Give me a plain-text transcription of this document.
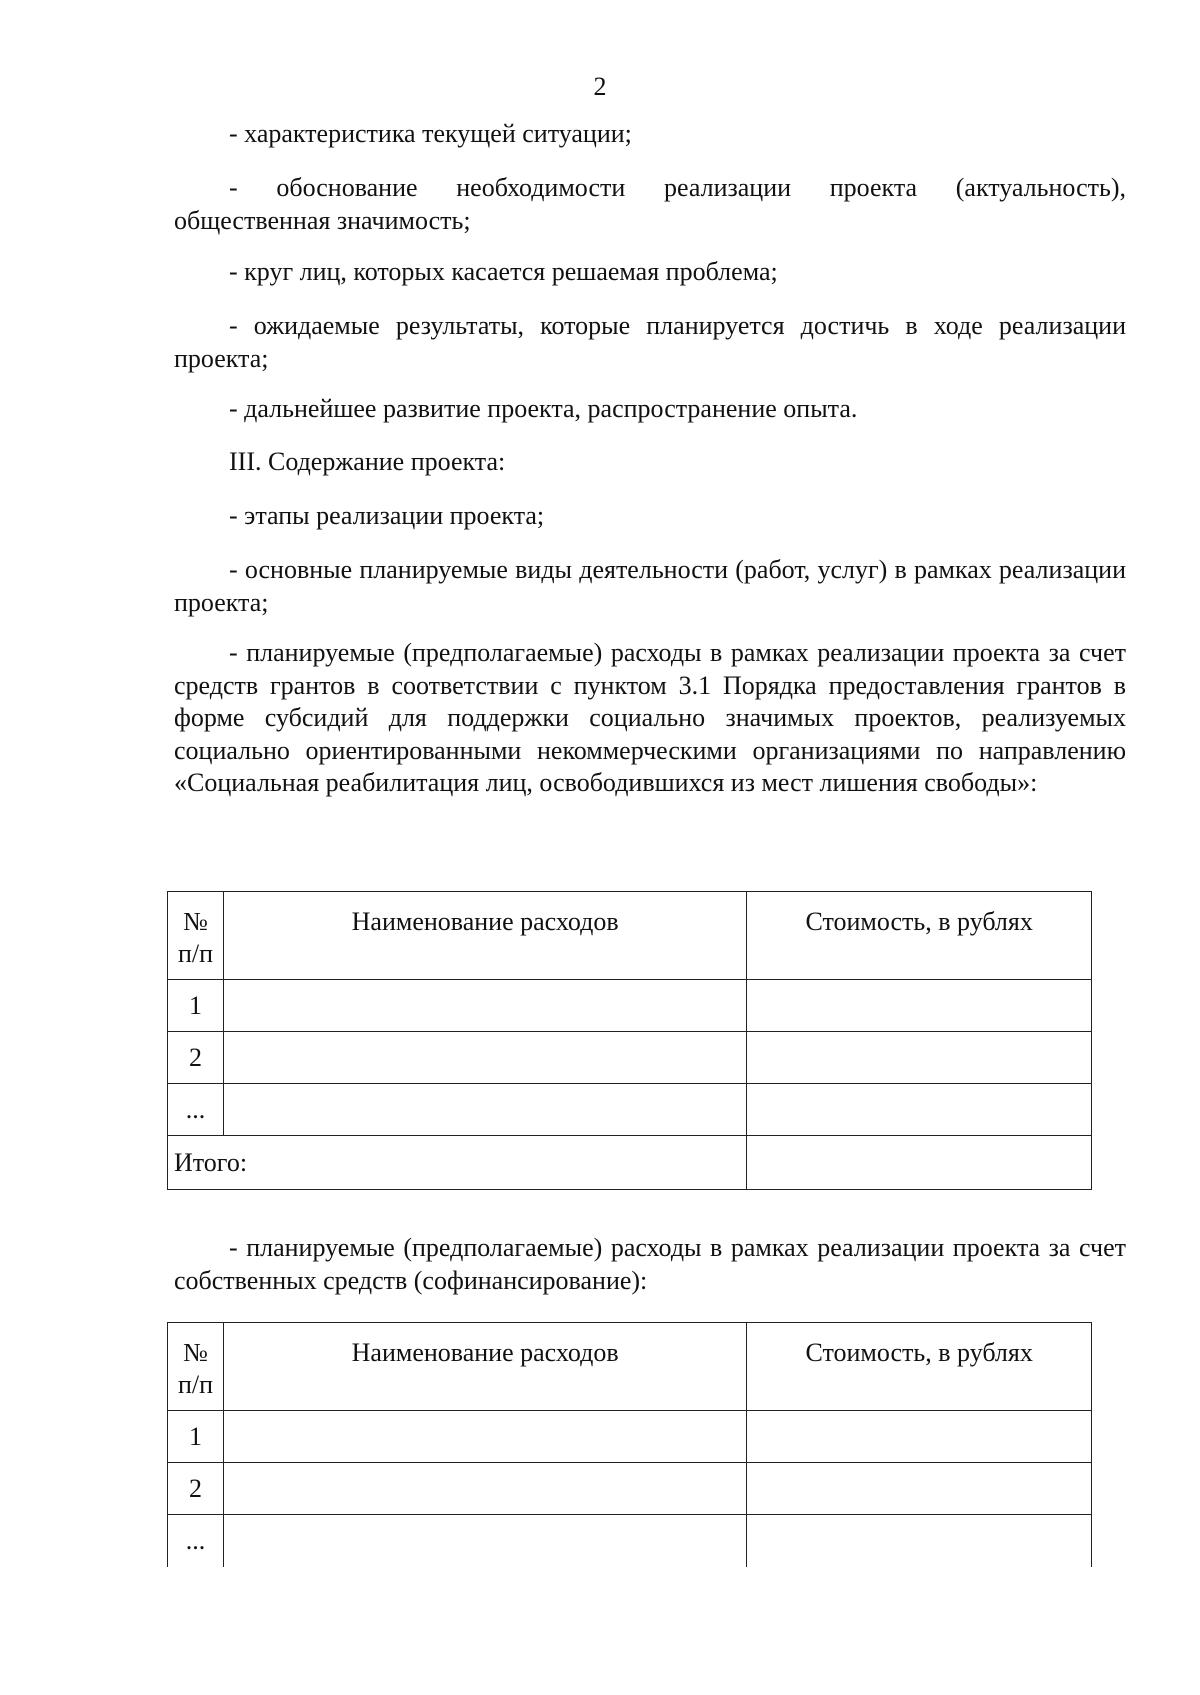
2

- характеристика текущей ситуации;

- обоснование необходимости реализации проекта (актуальность), общественная значимость;

- круг лиц, которых касается решаемая проблема;

- ожидаемые результаты, которые планируется достичь в ходе реализации проекта;

- дальнейшее развитие проекта, распространение опыта.

III. Содержание проекта:

- этапы реализации проекта;

- основные планируемые виды деятельности (работ, услуг) в рамках реализации проекта;

- планируемые (предполагаемые) расходы в рамках реализации проекта за счет средств грантов в соответствии с пунктом 3.1 Порядка предоставления грантов в форме субсидий для поддержки социально значимых проектов, реализуемых социально ориентированными некоммерческими организациями по направлению «Социальная реабилитация лиц, освободившихся из мест лишения свободы»:

№
п/п	Наименование расходов	Стоимость, в рублях
1		
2		
...		
Итого:		

- планируемые (предполагаемые) расходы в рамках реализации проекта за счет собственных средств (софинансирование):

№
п/п	Наименование расходов	Стоимость, в рублях
1		
2		
...		
